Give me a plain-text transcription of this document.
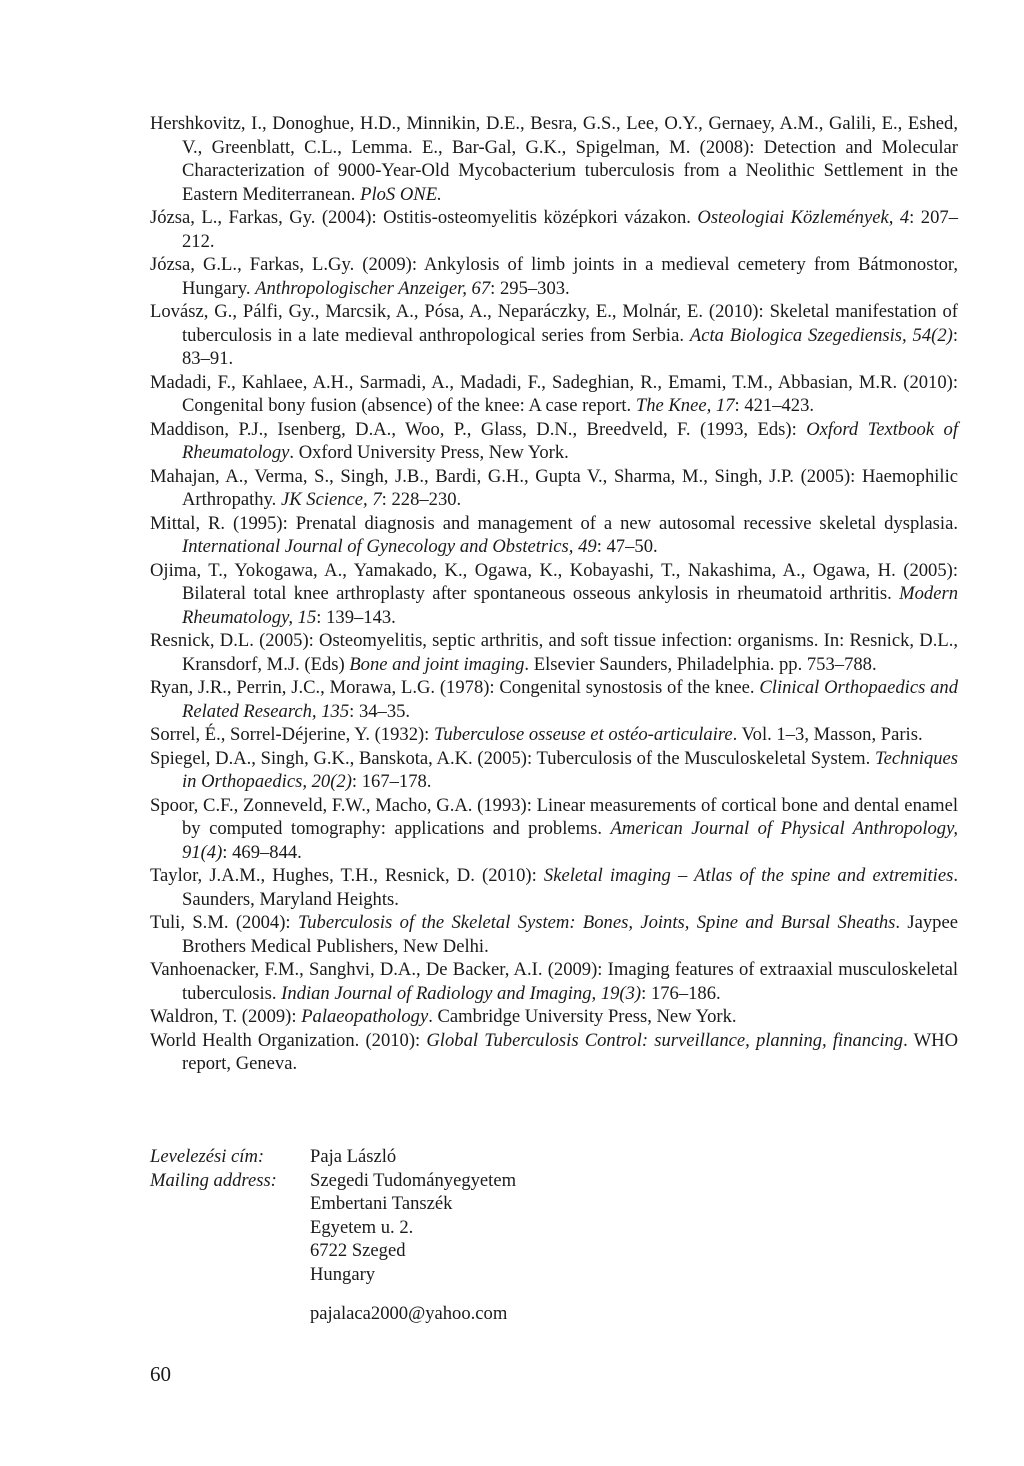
Hershkovitz, I., Donoghue, H.D., Minnikin, D.E., Besra, G.S., Lee, O.Y., Gernaey, A.M., Galili, E., Eshed, V., Greenblatt, C.L., Lemma. E., Bar-Gal, G.K., Spigelman, M. (2008): Detection and Molecular Characterization of 9000-Year-Old Mycobacterium tuberculosis from a Neolithic Settlement in the Eastern Mediterranean. PloS ONE.

Józsa, L., Farkas, Gy. (2004): Ostitis-osteomyelitis középkori vázakon. Osteologiai Közlemények, 4: 207–212.

Józsa, G.L., Farkas, L.Gy. (2009): Ankylosis of limb joints in a medieval cemetery from Bátmonostor, Hungary. Anthropologischer Anzeiger, 67: 295–303.

Lovász, G., Pálfi, Gy., Marcsik, A., Pósa, A., Neparáczky, E., Molnár, E. (2010): Skeletal manifestation of tuberculosis in a late medieval anthropological series from Serbia. Acta Biologica Szegediensis, 54(2): 83–91.

Madadi, F., Kahlaee, A.H., Sarmadi, A., Madadi, F., Sadeghian, R., Emami, T.M., Abbasian, M.R. (2010): Congenital bony fusion (absence) of the knee: A case report. The Knee, 17: 421–423.

Maddison, P.J., Isenberg, D.A., Woo, P., Glass, D.N., Breedveld, F. (1993, Eds): Oxford Textbook of Rheumatology. Oxford University Press, New York.

Mahajan, A., Verma, S., Singh, J.B., Bardi, G.H., Gupta V., Sharma, M., Singh, J.P. (2005): Haemophilic Arthropathy. JK Science, 7: 228–230.

Mittal, R. (1995): Prenatal diagnosis and management of a new autosomal recessive skeletal dysplasia. International Journal of Gynecology and Obstetrics, 49: 47–50.

Ojima, T., Yokogawa, A., Yamakado, K., Ogawa, K., Kobayashi, T., Nakashima, A., Ogawa, H. (2005): Bilateral total knee arthroplasty after spontaneous osseous ankylosis in rheumatoid arthritis. Modern Rheumatology, 15: 139–143.

Resnick, D.L. (2005): Osteomyelitis, septic arthritis, and soft tissue infection: organisms. In: Resnick, D.L., Kransdorf, M.J. (Eds) Bone and joint imaging. Elsevier Saunders, Philadelphia. pp. 753–788.

Ryan, J.R., Perrin, J.C., Morawa, L.G. (1978): Congenital synostosis of the knee. Clinical Orthopaedics and Related Research, 135: 34–35.

Sorrel, É., Sorrel-Déjerine, Y. (1932): Tuberculose osseuse et ostéo-articulaire. Vol. 1–3, Masson, Paris.

Spiegel, D.A., Singh, G.K., Banskota, A.K. (2005): Tuberculosis of the Musculoskeletal System. Techniques in Orthopaedics, 20(2): 167–178.

Spoor, C.F., Zonneveld, F.W., Macho, G.A. (1993): Linear measurements of cortical bone and dental enamel by computed tomography: applications and problems. American Journal of Physical Anthropology, 91(4): 469–844.

Taylor, J.A.M., Hughes, T.H., Resnick, D. (2010): Skeletal imaging – Atlas of the spine and extremities. Saunders, Maryland Heights.

Tuli, S.M. (2004): Tuberculosis of the Skeletal System: Bones, Joints, Spine and Bursal Sheaths. Jaypee Brothers Medical Publishers, New Delhi.

Vanhoenacker, F.M., Sanghvi, D.A., De Backer, A.I. (2009): Imaging features of extraaxial musculoskeletal tuberculosis. Indian Journal of Radiology and Imaging, 19(3): 176–186.

Waldron, T. (2009): Palaeopathology. Cambridge University Press, New York.

World Health Organization. (2010): Global Tuberculosis Control: surveillance, planning, financing. WHO report, Geneva.

Levelezési cím:
Mailing address:
Paja László
Szegedi Tudományegyetem
Embertani Tanszék
Egyetem u. 2.
6722 Szeged
Hungary
pajalaca2000@yahoo.com
60
